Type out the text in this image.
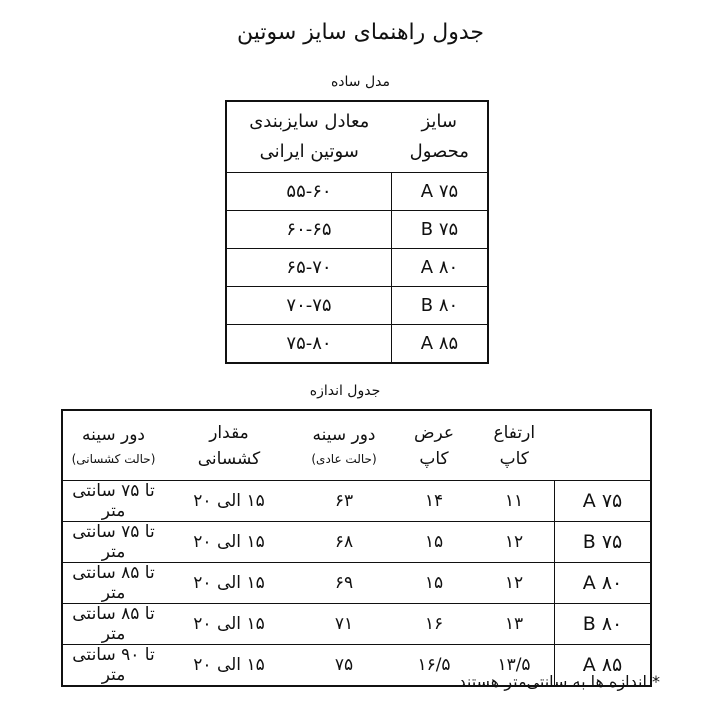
جدول راهنمای سایز سوتین
مدل ساده
سایز
محصول

معادل سایزبندی
سوتین ایرانی

۷۵ A	۵۵-۶۰
۷۵ B	۶۰-۶۵
۸۰ A	۶۵-۷۰
۸۰ B	۷۰-۷۵
۸۵ A	۷۵-۸۰
جدول اندازه

ارتفاع
کاپ

عرض
کاپ

دور سینه
(حالت عادی)

مقدار
کشسانی

دور سینه
(حالت کشسانی)

۷۵ A	۱۱	۱۴	۶۳	۱۵ الی ۲۰	تا ۷۵ سانتی متر
۷۵ B	۱۲	۱۵	۶۸	۱۵ الی ۲۰	تا ۷۵ سانتی متر
۸۰ A	۱۲	۱۵	۶۹	۱۵ الی ۲۰	تا ۸۵ سانتی متر
۸۰ B	۱۳	۱۶	۷۱	۱۵ الی ۲۰	تا ۸۵ سانتی متر
۸۵ A	۱۳/۵	۱۶/۵	۷۵	۱۵ الی ۲۰	تا ۹۰ سانتی متر	* اندازه ها به سانتی‌متر هستند.
